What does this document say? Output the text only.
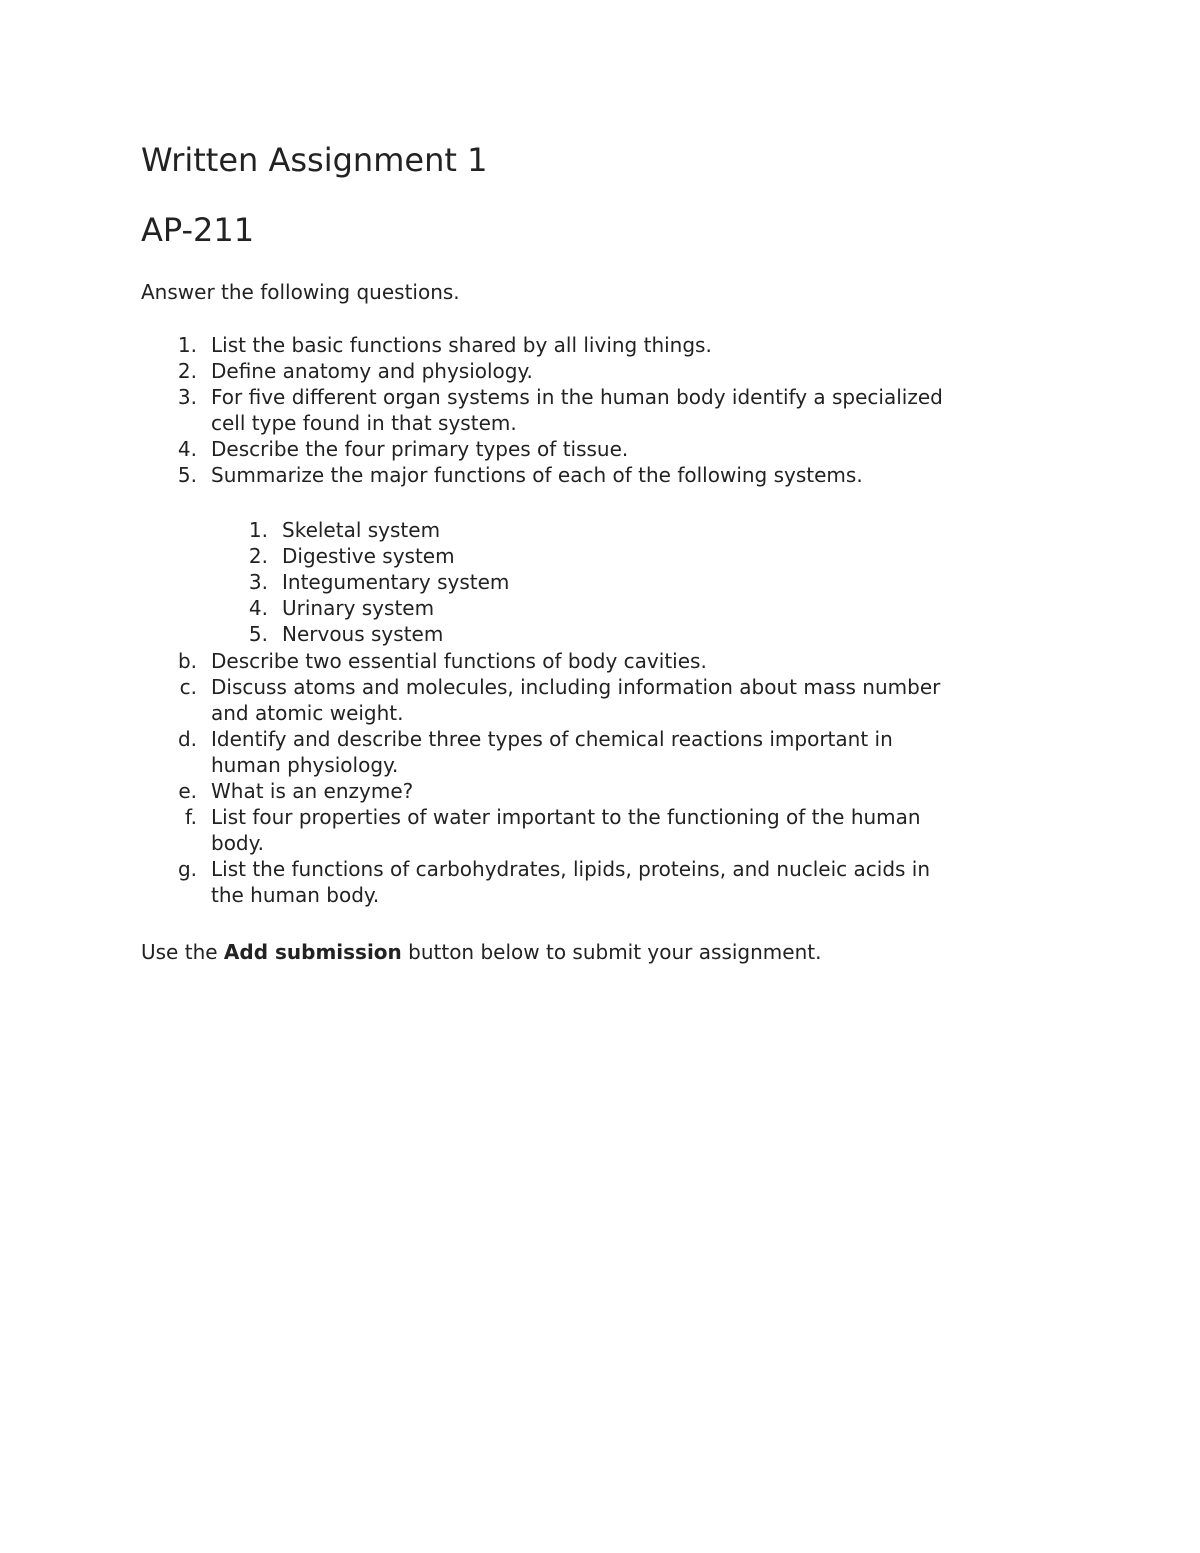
Written Assignment 1
AP-211

Answer the following questions.

1. List the basic functions shared by all living things.
2. Define anatomy and physiology.
3. For five different organ systems in the human body identify a specialized
cell type found in that system.
4. Describe the four primary types of tissue.
5. Summarize the major functions of each of the following systems.
1. Skeletal system
2. Digestive system
3. Integumentary system
4. Urinary system
5. Nervous system
b. Describe two essential functions of body cavities.
c. Discuss atoms and molecules, including information about mass number
and atomic weight.
d. Identify and describe three types of chemical reactions important in
human physiology.
e. What is an enzyme?
f. List four properties of water important to the functioning of the human
body.
g. List the functions of carbohydrates, lipids, proteins, and nucleic acids in
the human body.

Use the Add submission button below to submit your assignment.
